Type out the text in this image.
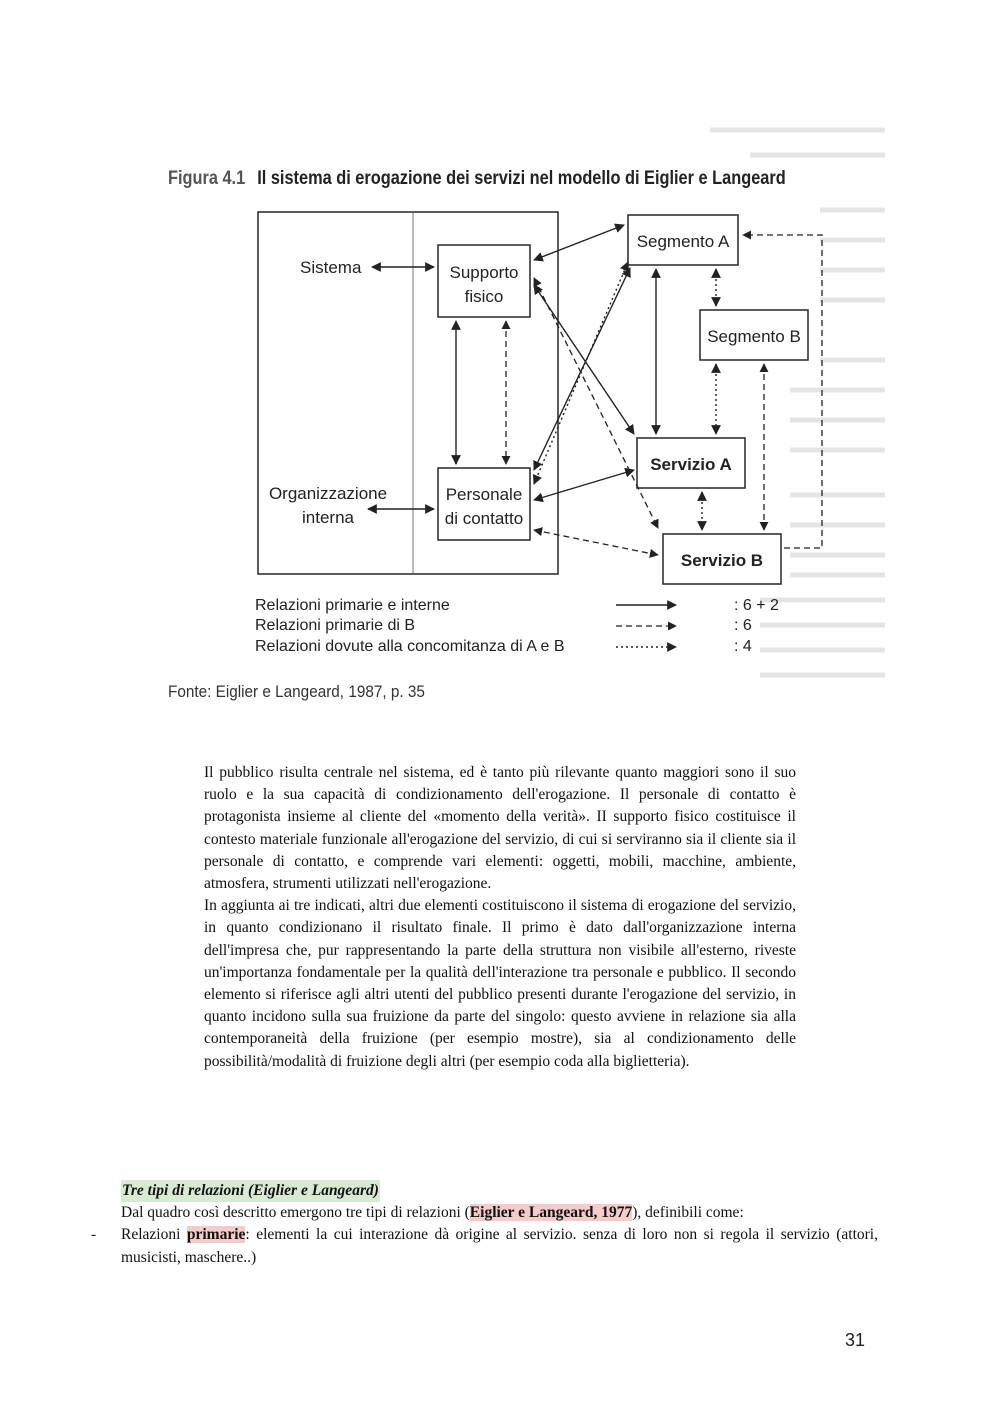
Sistema	Supporto
fisico
Organizzazione
interna
Personale
di contatto
Segmento A
Segmento B
Servizio A
Servizio B
Relazioni primarie e interne
Relazioni primarie di B
Relazioni dovute alla concomitanza di A e B
: 6 + 2
: 6
: 4
Figura 4.1 Il sistema di erogazione dei servizi nel modello di Eiglier e Langeard
Fonte: Eiglier e Langeard, 1987, p. 35

Il pubblico risulta centrale nel sistema, ed è tanto più rilevante quanto maggiori sono il suo ruolo e la sua capacità di condizionamento dell'erogazione. Il personale di contatto è protagonista insieme al cliente del «momento della verità». II supporto fisico costituisce il contesto materiale funzionale all'erogazione del servizio, di cui si serviranno sia il cliente sia il personale di contatto, e comprende vari elementi: oggetti, mobili, macchine, ambiente, atmosfera, strumenti utilizzati nell'erogazione.

In aggiunta ai tre indicati, altri due elementi costituiscono il sistema di erogazione del servizio, in quanto condizionano il risultato finale. Il primo è dato dall'organizzazione interna dell'impresa che, pur rappresentando la parte della struttura non visibile all'esterno, riveste un'importanza fondamentale per la qualità dell'interazione tra personale e pubblico. Il secondo elemento si riferisce agli altri utenti del pubblico presenti durante l'erogazione del servizio, in quanto incidono sulla sua fruizione da parte del singolo: questo avviene in relazione sia alla contemporaneità della fruizione (per esempio mostre), sia al condizionamento delle possibilità/modalità di fruizione degli altri (per esempio coda alla biglietteria).

Tre tipi di relazioni (Eiglier e Langeard)

Dal quadro così descritto emergono tre tipi di relazioni (Eiglier e Langeard, 1977), definibili come:

- Relazioni primarie: elementi la cui interazione dà origine al servizio. senza di loro non si regola il servizio (attori, musicisti, maschere..)
31
